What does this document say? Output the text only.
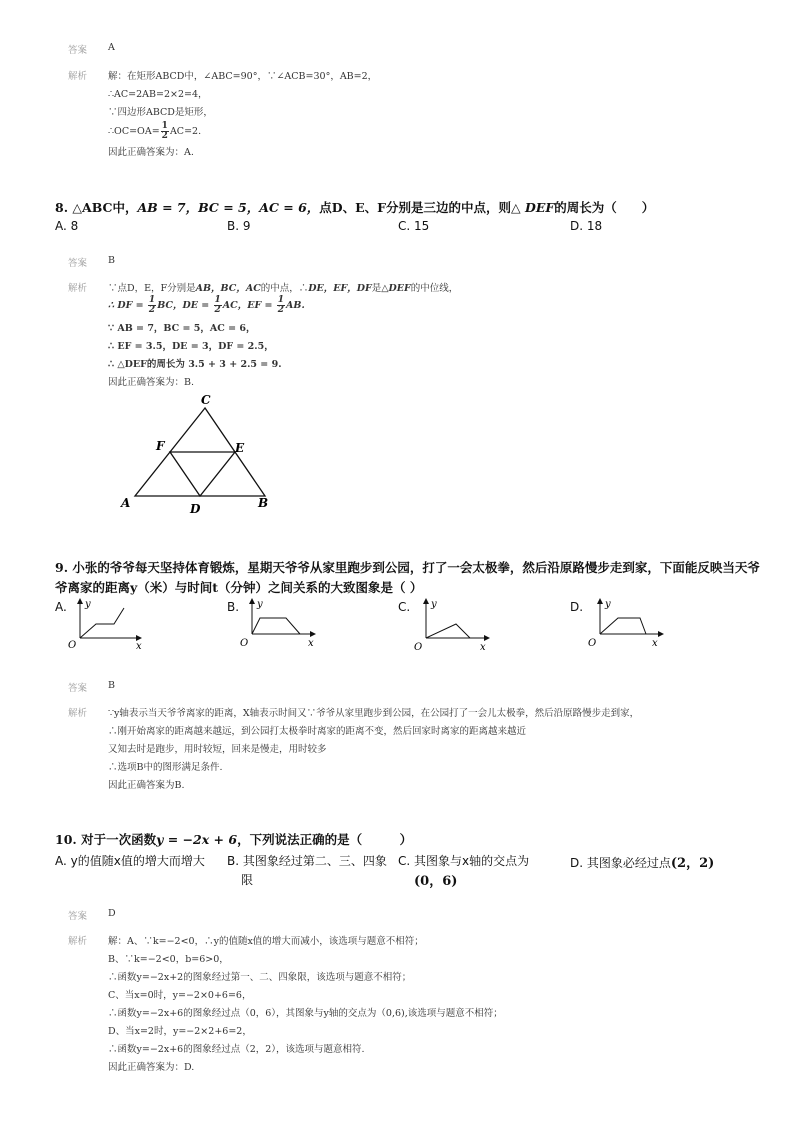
答案 A
解析 解：在矩形ABCD中，∠ABC=90°，∵∠ACB=30°，AB=2，
∴AC=2AB=2×2=4，
∵四边形ABCD是矩形，
∴OC=OA= $\frac{1}{2} AC=2$.
因此正确答案为：A.
8. △ABC中，AB = 7，BC = 5，AC = 6，点D、E、F分别是三边的中点，则△ DEF的周长为（　　）
A. 8	B. 9	C. 15	D. 18
答案 B
解析 ∵点D，E，F分别是AB，BC，AC的中点，∴DE，EF，DF是△DEF的中位线，
∴ DF = $\frac{1}{2}$ BC，DE = $\frac{1}{2}$ AC，EF = $\frac{1}{2}$ AB.
∵ AB = 7，BC = 5，AC = 6，
∴ EF = 3.5，DE = 3，DF = 2.5，
∴ △DEF的周长为 3.5 + 3 + 2.5 = 9.
因此正确答案为：B.
C
F	E
A	D	B
9. 小张的爷爷每天坚持体育锻炼，星期天爷爷从家里跑步到公园，打了一会太极拳，然后沿原路慢步走到家，下面能反映当天爷
爷离家的距离y（米）与时间t（分钟）之间关系的大致图象是（ ）
A.	B.	C.	D.
y
x
O
y
x
O
y
x
O
y
x
O
答案 B
解析 ∵y轴表示当天爷爷离家的距离，X轴表示时间又∵爷爷从家里跑步到公园，在公园打了一会儿太极拳，然后沿原路慢步走到家，
∴刚开始离家的距离越来越远，到公园打太极拳时离家的距离不变，然后回家时离家的距离越来越近
又知去时是跑步，用时较短，回来是慢走，用时较多
∴选项B中的图形满足条件.
因此正确答案为B.
10. 对于一次函数y = −2x + 6，下列说法正确的是（　　　）
A. y的值随x值的增大而增大 B. 其图象经过第二、三、四象
限
C. 其图象与x轴的交点为
(0，6)
D. 其图象必经过点(2，2)
答案 D
解析 解：A、∵k=−2<0，∴y的值随x值的增大而减小，该选项与题意不相符；
B、∵k=−2<0，b=6>0，
∴函数y=−2x+2的图象经过第一、二、四象限，该选项与题意不相符；
C、当x=0时，y=−2×0+6=6，
∴函数y=−2x+6的图象经过点（0，6），其图象与y轴的交点为（0,6),该选项与题意不相符；
D、当x=2时，y=−2×2+6=2，
∴函数y=−2x+6的图象经过点（2，2），该选项与题意相符.
因此正确答案为：D.
